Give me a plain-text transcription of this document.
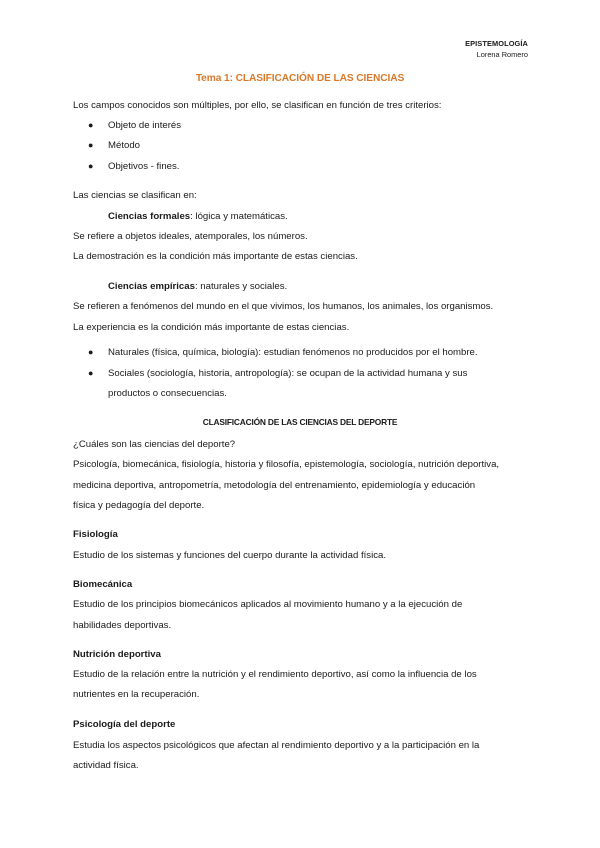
EPISTEMOLOGÍA
Lorena Romero
Tema 1: CLASIFICACIÓN DE LAS CIENCIAS
Los campos conocidos son múltiples, por ello, se clasifican en función de tres criterios:
● Objeto de interés
● Método
● Objetivos - fines.
Las ciencias se clasifican en:
Ciencias formales: lógica y matemáticas.
Se refiere a objetos ideales, atemporales, los números.
La demostración es la condición más importante de estas ciencias.
Ciencias empíricas: naturales y sociales.
Se refieren a fenómenos del mundo en el que vivimos, los humanos, los animales, los organismos.
La experiencia es la condición más importante de estas ciencias.
● Naturales (física, química, biología): estudian fenómenos no producidos por el hombre.
● Sociales (sociología, historia, antropología): se ocupan de la actividad humana y sus
productos o consecuencias.
CLASIFICACIÓN DE LAS CIENCIAS DEL DEPORTE
¿Cuáles son las ciencias del deporte?
Psicología, biomecánica, fisiología, historia y filosofía, epistemología, sociología, nutrición deportiva,
medicina deportiva, antropometría, metodología del entrenamiento, epidemiología y educación
física y pedagogía del deporte.
Fisiología
Estudio de los sistemas y funciones del cuerpo durante la actividad física.
Biomecánica
Estudio de los principios biomecánicos aplicados al movimiento humano y a la ejecución de
habilidades deportivas.
Nutrición deportiva
Estudio de la relación entre la nutrición y el rendimiento deportivo, así como la influencia de los
nutrientes en la recuperación.
Psicología del deporte
Estudia los aspectos psicológicos que afectan al rendimiento deportivo y a la participación en la
actividad física.
